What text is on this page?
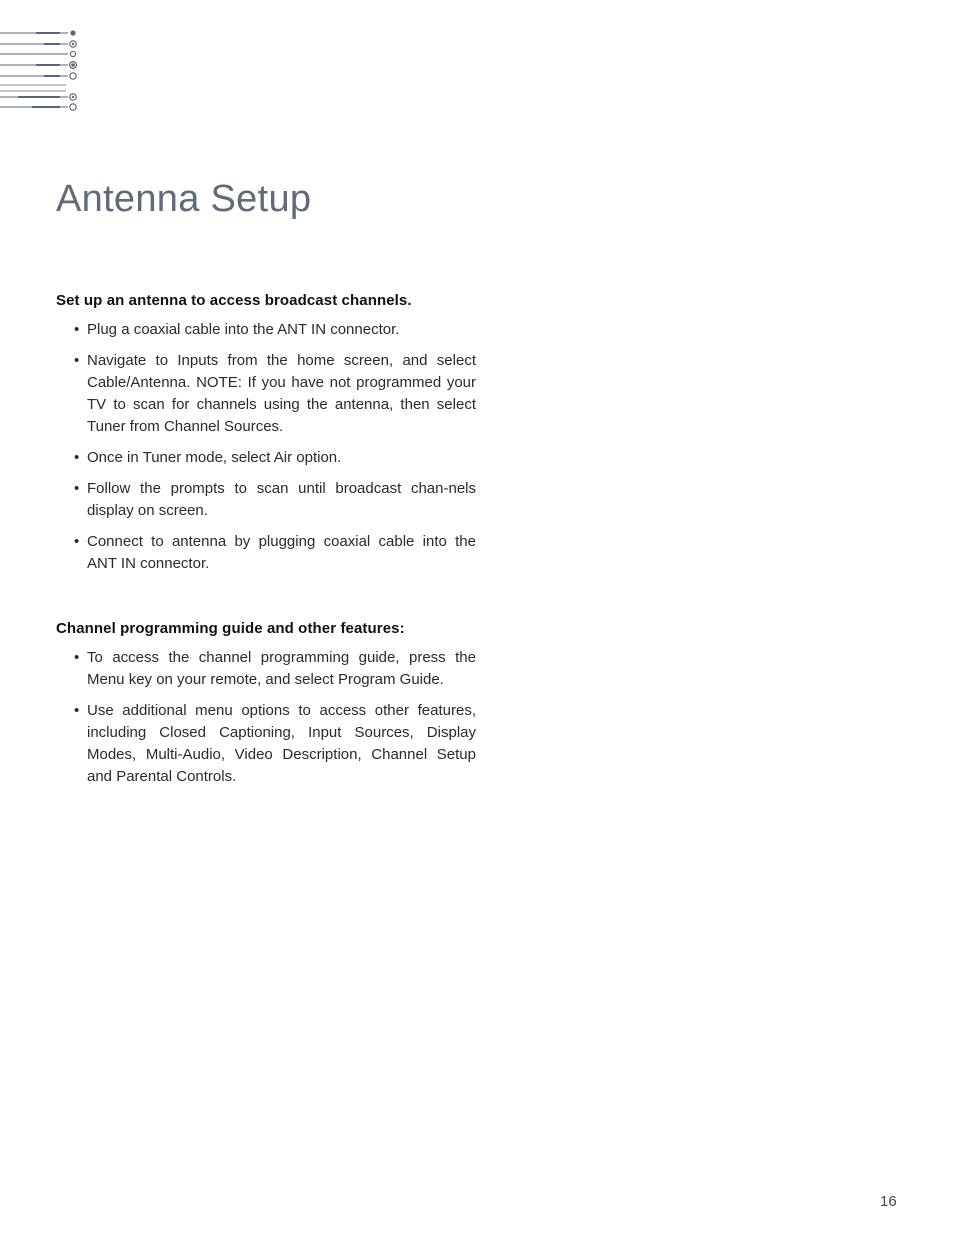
Antenna Setup
Set up an antenna to access broadcast channels.
• Plug a coaxial cable into the ANT IN connector.
• Navigate to Inputs from the home screen, and select Cable/Antenna. NOTE: If you have not programmed your TV to scan for channels using the antenna, then select Tuner from Channel Sources.
• Once in Tuner mode, select Air option.
• Follow the prompts to scan until broadcast chan-nels display on screen.
• Connect to antenna by plugging coaxial cable into the ANT IN connector.
Channel programming guide and other features:
• To access the channel programming guide, press the Menu key on your remote, and select Program Guide.
• Use additional menu options to access other features, including Closed Captioning, Input Sources, Display Modes, Multi-Audio, Video Description, Channel Setup and Parental Controls.
16
